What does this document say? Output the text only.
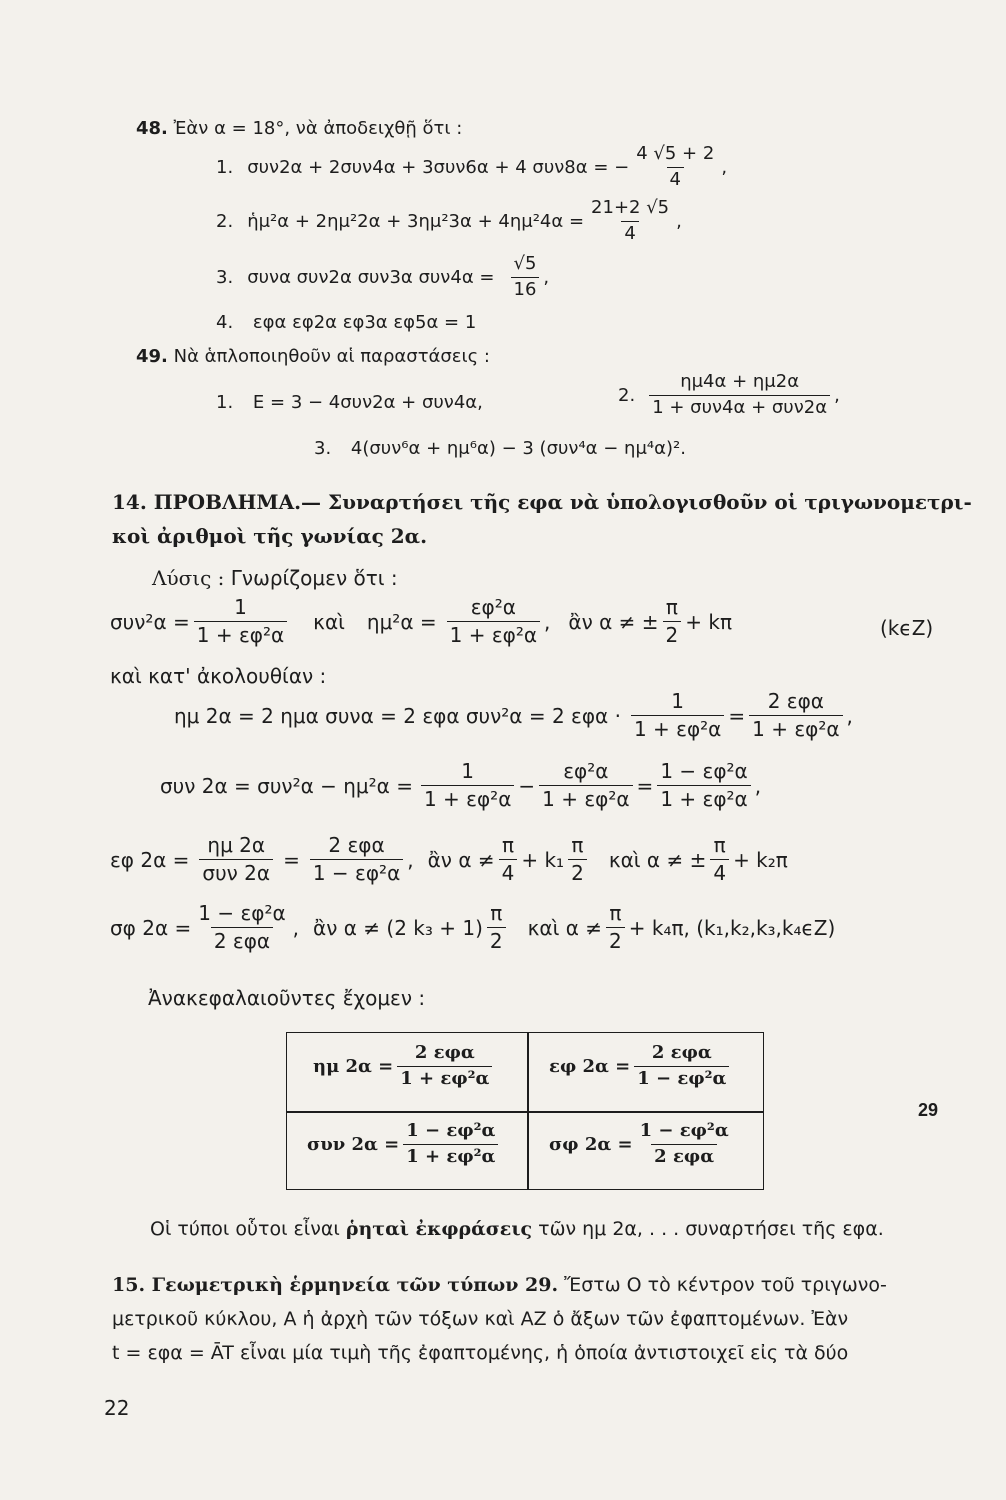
48. Ἐὰν α = 18°, νὰ ἀποδειχθῇ ὅτι :
1. συν2α + 2συν4α + 3συν6α + 4 συν8α = − $\frac{4 √5 + 2}{4}$ ,
2. ἡμ²α + $2\eta\mu^22\alpha + 3\eta\mu^23\alpha + 4\eta\mu^24\alpha = \frac{21+2 √5}{4}$ ,
3. συνα συν2α συν3α $\sigma\upsilon\nu 4\alpha = \frac{√5}{16}$ ,
4. εφα εφ2α εφ3α εφ5α = 1
49. Νὰ ἁπλοποιηθοῦν αἱ παραστάσεις :
1. E = 3 − 4συν2α + συν4α,	2. $\frac{\eta\mu 4\alpha + \eta\mu 2\alpha}{\text{1 + συν4α + συν2α}}$ ,
3. 4(συν⁶α + ημ⁶α) − 3 (συν⁴α − ημ⁴α)².
14. ΠΡΟΒΛΗΜΑ.— Συναρτήσει τῆς εφα νὰ ὑπολογισθοῦν οἱ τριγωνομετρι-
κοὶ ἀριθμοὶ τῆς γωνίας 2α.
Λύσις : Γνωρίζομεν ὅτι :
$\sigma\upsilon\nu^2\alpha = \frac{1}{\text{1 + εφ²α}}$ καὶ $\eta\mu^2\alpha = \frac{\text{εφ²α}}{\text{1 + εφ²α}}$ , ἂν α ≠ ± $\frac{\pi}{2} + k\pi$	(kϵZ)
καὶ κατ' ἀκολουθίαν :
ημ 2α = 2 ημα συνα = 2 εφα συν²α = 2 $\varepsilon\varphi\alpha \cdot \frac{1}{\text{1 + εφ²α}} = \frac{\text{2 εφα}}{\text{1 + εφ²α}}$ ,
συν $2\alpha = \sigma\upsilon\nu^2\alpha - \eta\mu^2\alpha = \frac{1}{\text{1 + εφ²α}} - \frac{\text{εφ²α}}{\text{1 + εφ²α}} = \frac{\text{1 − εφ²α}}{\text{1 + εφ²α}}$ ,
εφ $2\alpha = \frac{\eta\mu 2\alpha}{\text{συν 2α}} = \frac{\text{2 εφα}}{\text{1 − εφ²α}}$ , ἂν $\alpha \ne \frac{\pi}{4} + k_1 \frac{\pi}{2}$ καὶ α ≠ ± $\frac{\pi}{4} + k_2\pi$
σφ $2\alpha = \frac{\text{1 − εφ²α}}{\text{2 εφα}}$ , ἂν α ≠ (2 $k_3 + 1) \frac{\pi}{2}$ καὶ $\alpha \ne \frac{\pi}{2} + k_4\pi$, (k₁,k₂,k₃,k₄ϵZ)
Ἀνακεφαλαιοῦντες ἔχομεν :
ημ $2\alpha = \frac{\text{2 εφα}}{\text{1 + εφ²α}}$	εφ $2\alpha = \frac{\text{2 εφα}}{\text{1 − εφ²α}}$
συν $2\alpha = \frac{\text{1 − εφ²α}}{\text{1 + εφ²α}}$	σφ $2\alpha = \frac{\text{1 − εφ²α}}{\text{2 εφα}}$
29
Οἱ τύποι οὗτοι εἶναι ῥηταὶ ἐκφράσεις τῶν ημ 2α, . . . συναρτήσει τῆς εφα.
15. Γεωμετρικὴ ἑρμηνεία τῶν τύπων 29. Ἔστω Ο τὸ κέντρον τοῦ τριγωνο-
μετρικοῦ κύκλου, Α ἡ ἀρχὴ τῶν τόξων καὶ ΑΖ ὁ ἄξων τῶν ἐφαπτομένων. Ἐὰν
t = εφα = ĀT εἶναι μία τιμὴ τῆς ἐφαπτομένης, ἡ ὁποία ἀντιστοιχεῖ εἰς τὰ δύο
22
